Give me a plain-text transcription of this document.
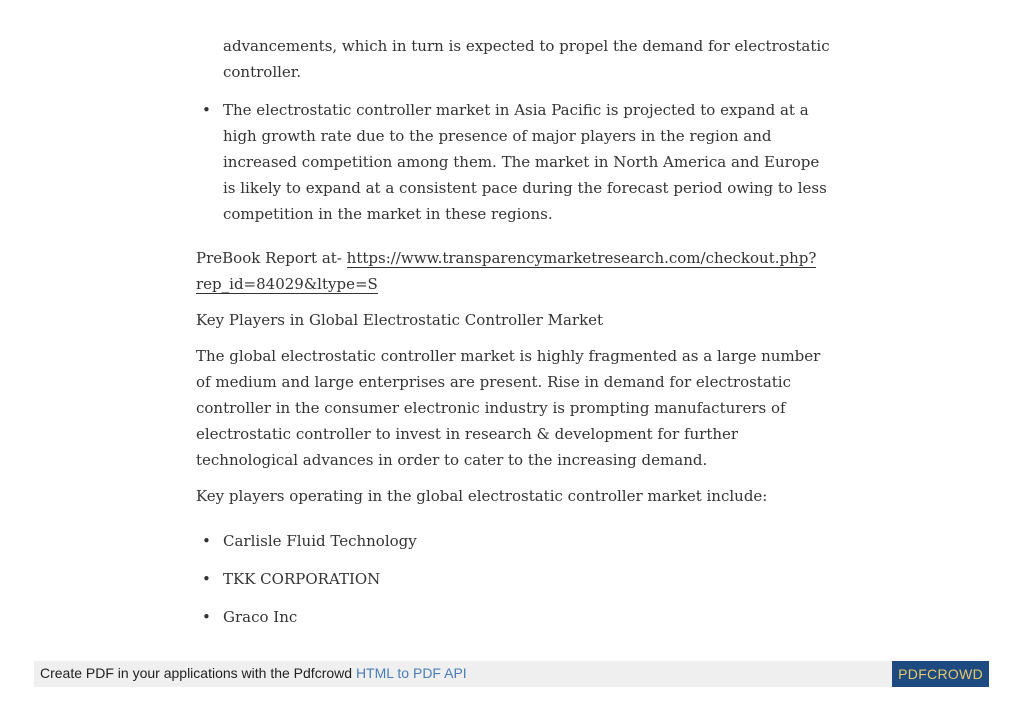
advancements, which in turn is expected to propel the demand for electrostatic
controller.

• The electrostatic controller market in Asia Pacific is projected to expand at a high growth rate due to the presence of major players in the region and increased competition among them. The market in North America and Europe is likely to expand at a consistent pace during the forecast period owing to less competition in the market in these regions.

PreBook Report at- https://www.transparencymarketresearch.com/checkout.php?rep_id=84029&ltype=S

Key Players in Global Electrostatic Controller Market

The global electrostatic controller market is highly fragmented as a large number of medium and large enterprises are present. Rise in demand for electrostatic controller in the consumer electronic industry is prompting manufacturers of electrostatic controller to invest in research & development for further technological advances in order to cater to the increasing demand.

Key players operating in the global electrostatic controller market include:

• Carlisle Fluid Technology
• TKK CORPORATION
• Graco Inc
Create PDF in your applications with the Pdfcrowd HTML to PDF API	PDFCROWD
